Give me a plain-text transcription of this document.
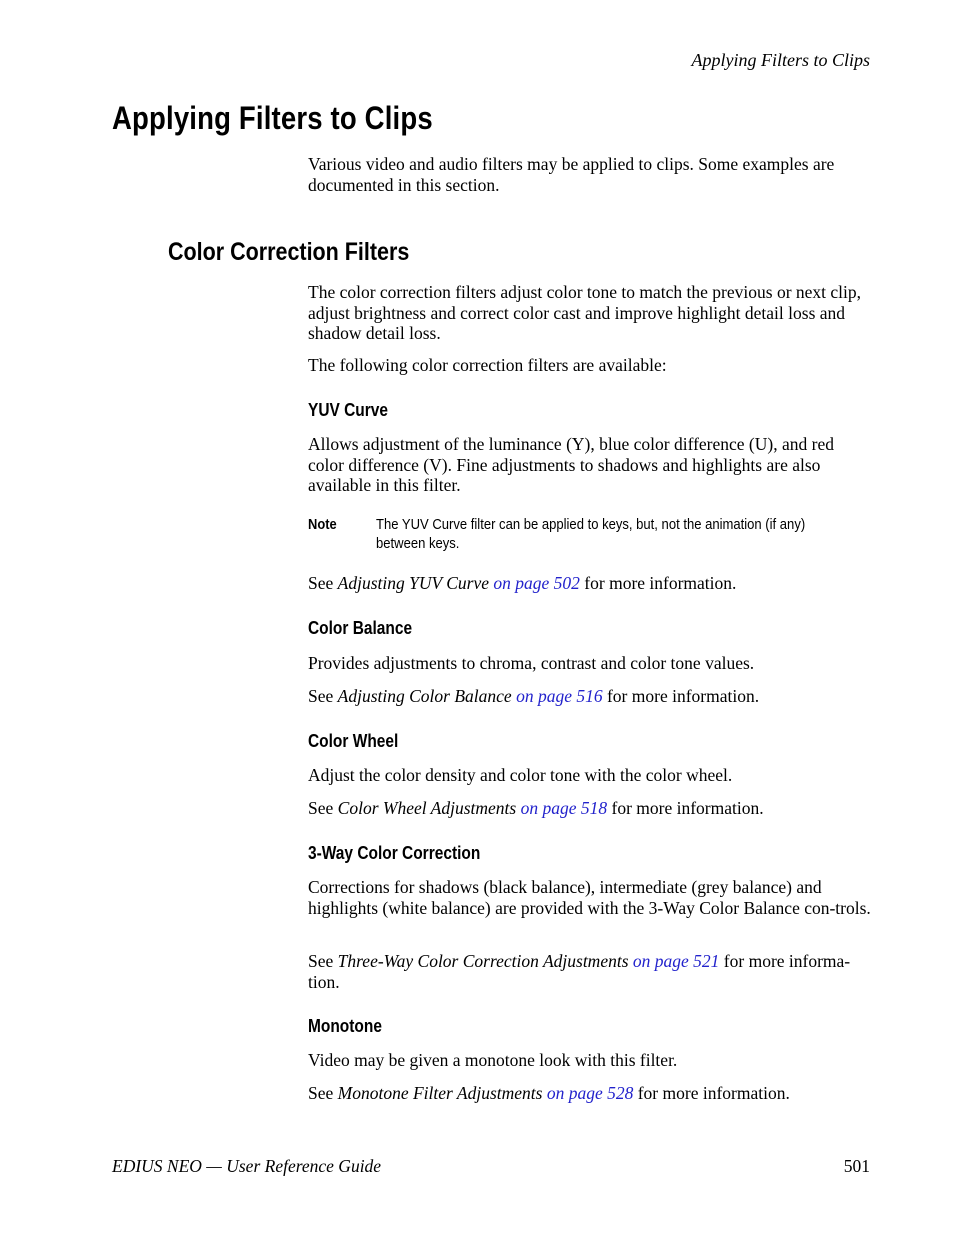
Applying Filters to Clips
Applying Filters to Clips

Various video and audio filters may be applied to clips. Some examples are documented in this section.

Color Correction Filters

The color correction filters adjust color tone to match the previous or next clip, adjust brightness and correct color cast and improve highlight detail loss and shadow detail loss.

The following color correction filters are available:

YUV Curve

Allows adjustment of the luminance (Y), blue color difference (U), and red color difference (V). Fine adjustments to shadows and highlights are also available in this filter.

Note	The YUV Curve filter can be applied to keys, but, not the animation (if any) between keys.

See Adjusting YUV Curve on page 502 for more information.

Color Balance

Provides adjustments to chroma, contrast and color tone values.

See Adjusting Color Balance on page 516 for more information.

Color Wheel

Adjust the color density and color tone with the color wheel.

See Color Wheel Adjustments on page 518 for more information.

3-Way Color Correction

Corrections for shadows (black balance), intermediate (grey balance) and highlights (white balance) are provided with the 3-Way Color Balance con-trols.

See Three-Way Color Correction Adjustments on page 521 for more informa-tion.

Monotone

Video may be given a monotone look with this filter.

See Monotone Filter Adjustments on page 528 for more information.

EDIUS NEO — User Reference Guide	501
